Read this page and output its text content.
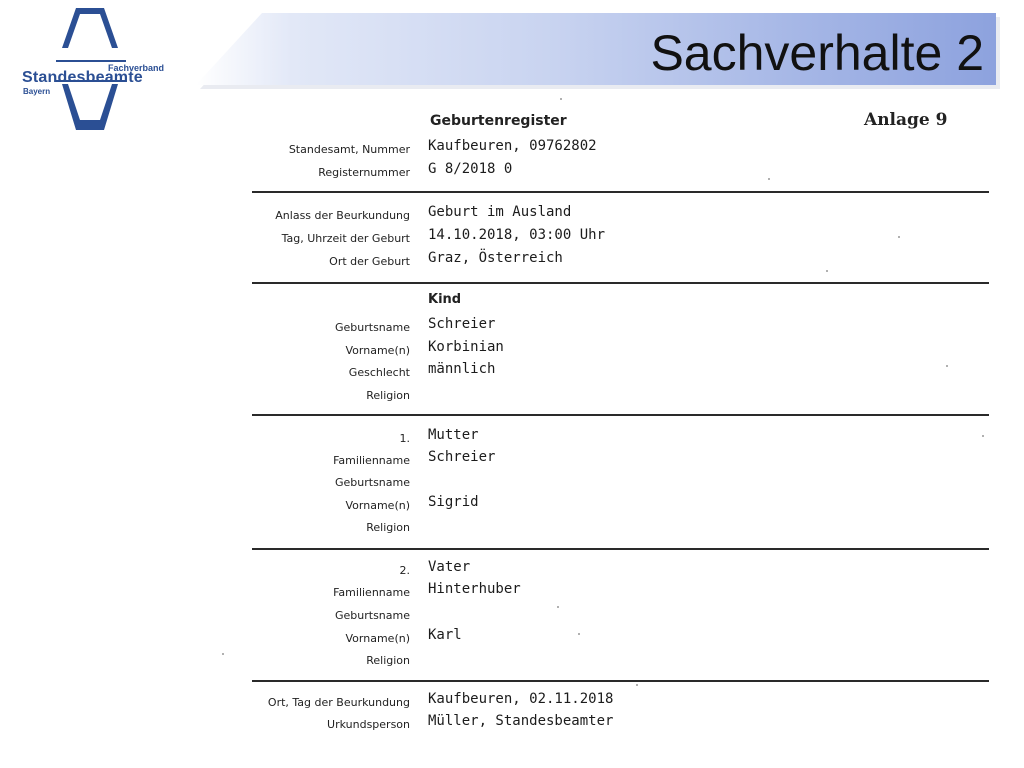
Fachverband
Standesbeamte
Bayern
Sachverhalte 2
Anlage 9
Geburtenregister
Standesamt, Nummer Kaufbeuren, 09762802
Registernummer G 8/2018 0
Anlass der Beurkundung Geburt im Ausland
Tag, Uhrzeit der Geburt 14.10.2018, 03:00 Uhr
Ort der Geburt Graz, Österreich
Kind
Geburtsname Schreier
Vorname(n) Korbinian
Geschlecht männlich
Religion
1. Mutter
Familienname Schreier
Geburtsname
Vorname(n) Sigrid
Religion
2. Vater
Familienname Hinterhuber
Geburtsname
Vorname(n) Karl
Religion
Ort, Tag der Beurkundung Kaufbeuren, 02.11.2018
Urkundsperson Müller, Standesbeamter
